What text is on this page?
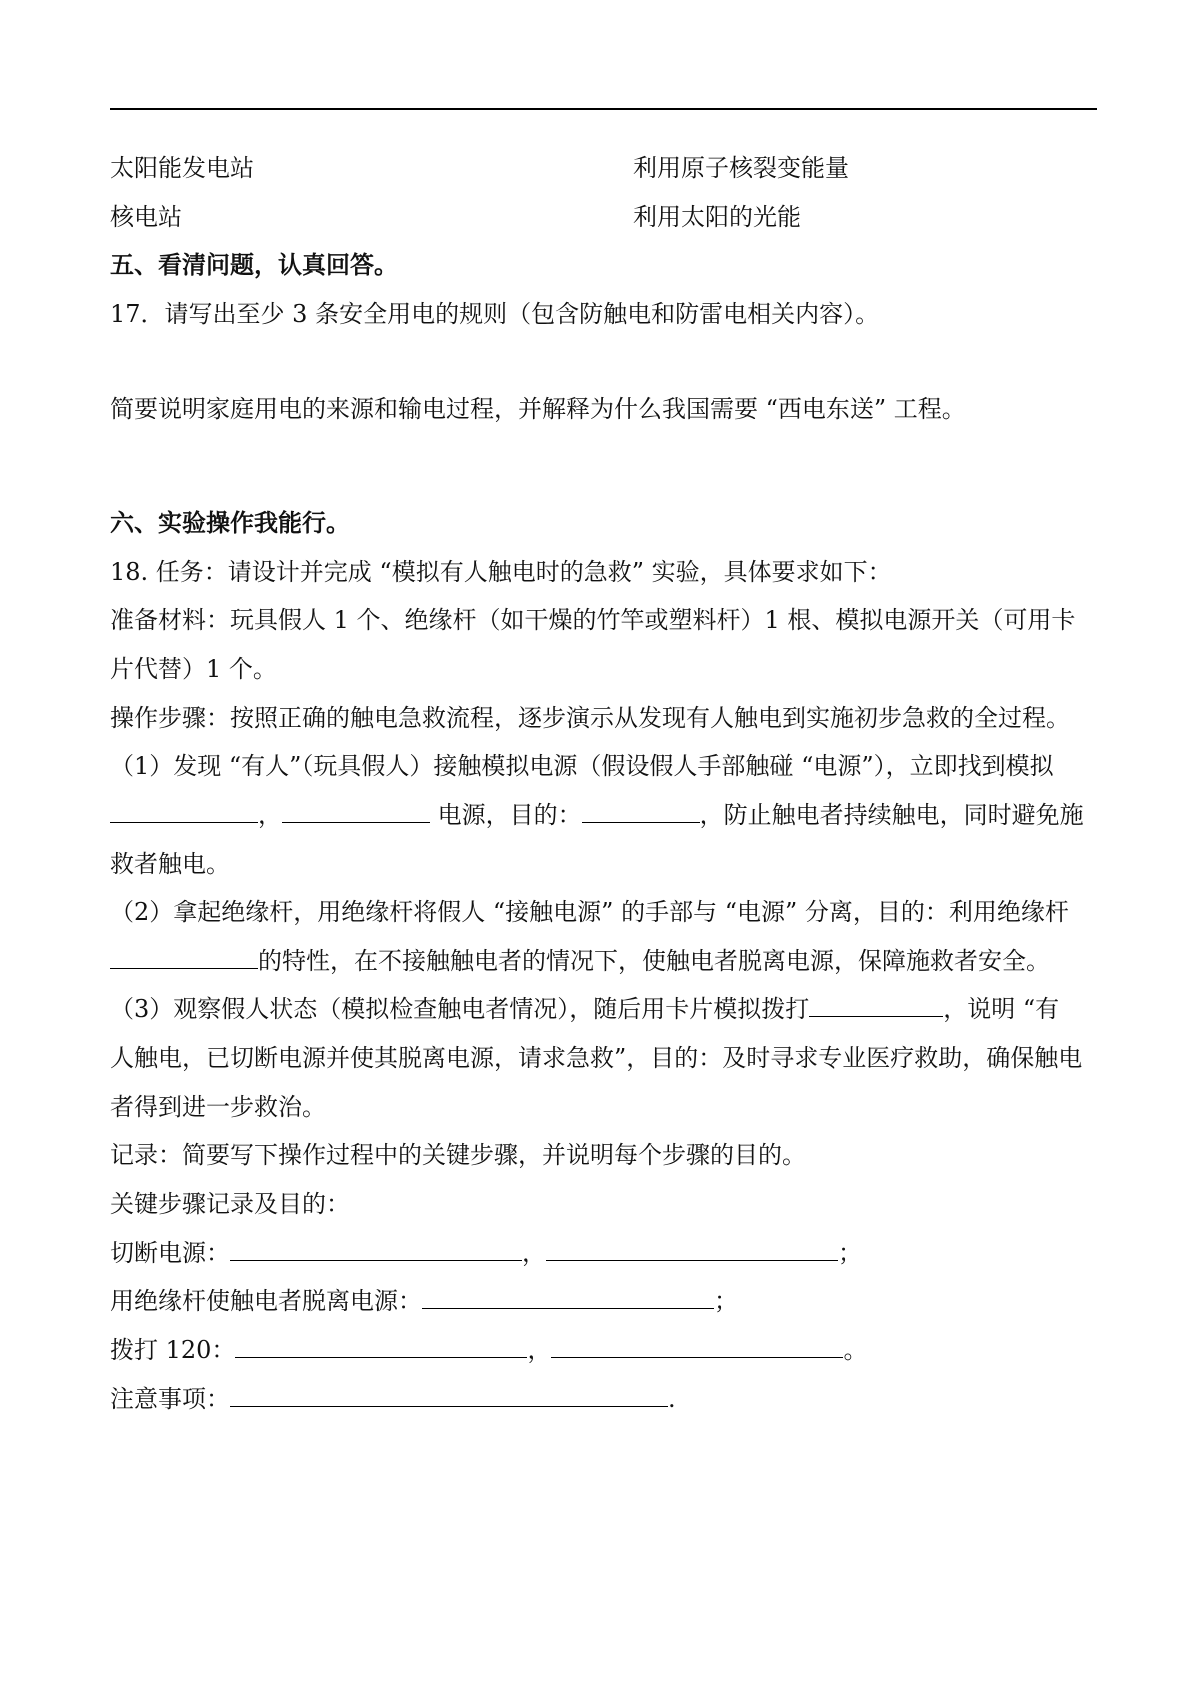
太阳能发电站	利用原子核裂变能量
核电站	利用太阳的光能
五、看清问题，认真回答。
17．请写出至少 3 条安全用电的规则（包含防触电和防雷电相关内容）。
简要说明家庭用电的来源和输电过程，并解释为什么我国需要 “西电东送” 工程。
六、实验操作我能行。
18. 任务：请设计并完成 “模拟有人触电时的急救” 实验，具体要求如下：
准备材料：玩具假人 1 个、绝缘杆（如干燥的竹竿或塑料杆）1 根、模拟电源开关（可用卡
片代替）1 个。
操作步骤：按照正确的触电急救流程，逐步演示从发现有人触电到实施初步急救的全过程。
（1）发现 “有人”（玩具假人）接触模拟电源（假设假人手部触碰 “电源”），立即找到模拟
，	电源，目的：	，防止触电者持续触电，同时避免施
救者触电。
（2）拿起绝缘杆，用绝缘杆将假人 “接触电源” 的手部与 “电源” 分离，目的：利用绝缘杆
的特性，在不接触触电者的情况下，使触电者脱离电源，保障施救者安全。
（3）观察假人状态（模拟检查触电者情况），随后用卡片模拟拨打	，说明 “有
人触电，已切断电源并使其脱离电源，请求急救”，目的：及时寻求专业医疗救助，确保触电
者得到进一步救治。
记录：简要写下操作过程中的关键步骤，并说明每个步骤的目的。
关键步骤记录及目的：
切断电源：	，	；
用绝缘杆使触电者脱离电源：	；
拨打 120：	，	。
注意事项：	.
